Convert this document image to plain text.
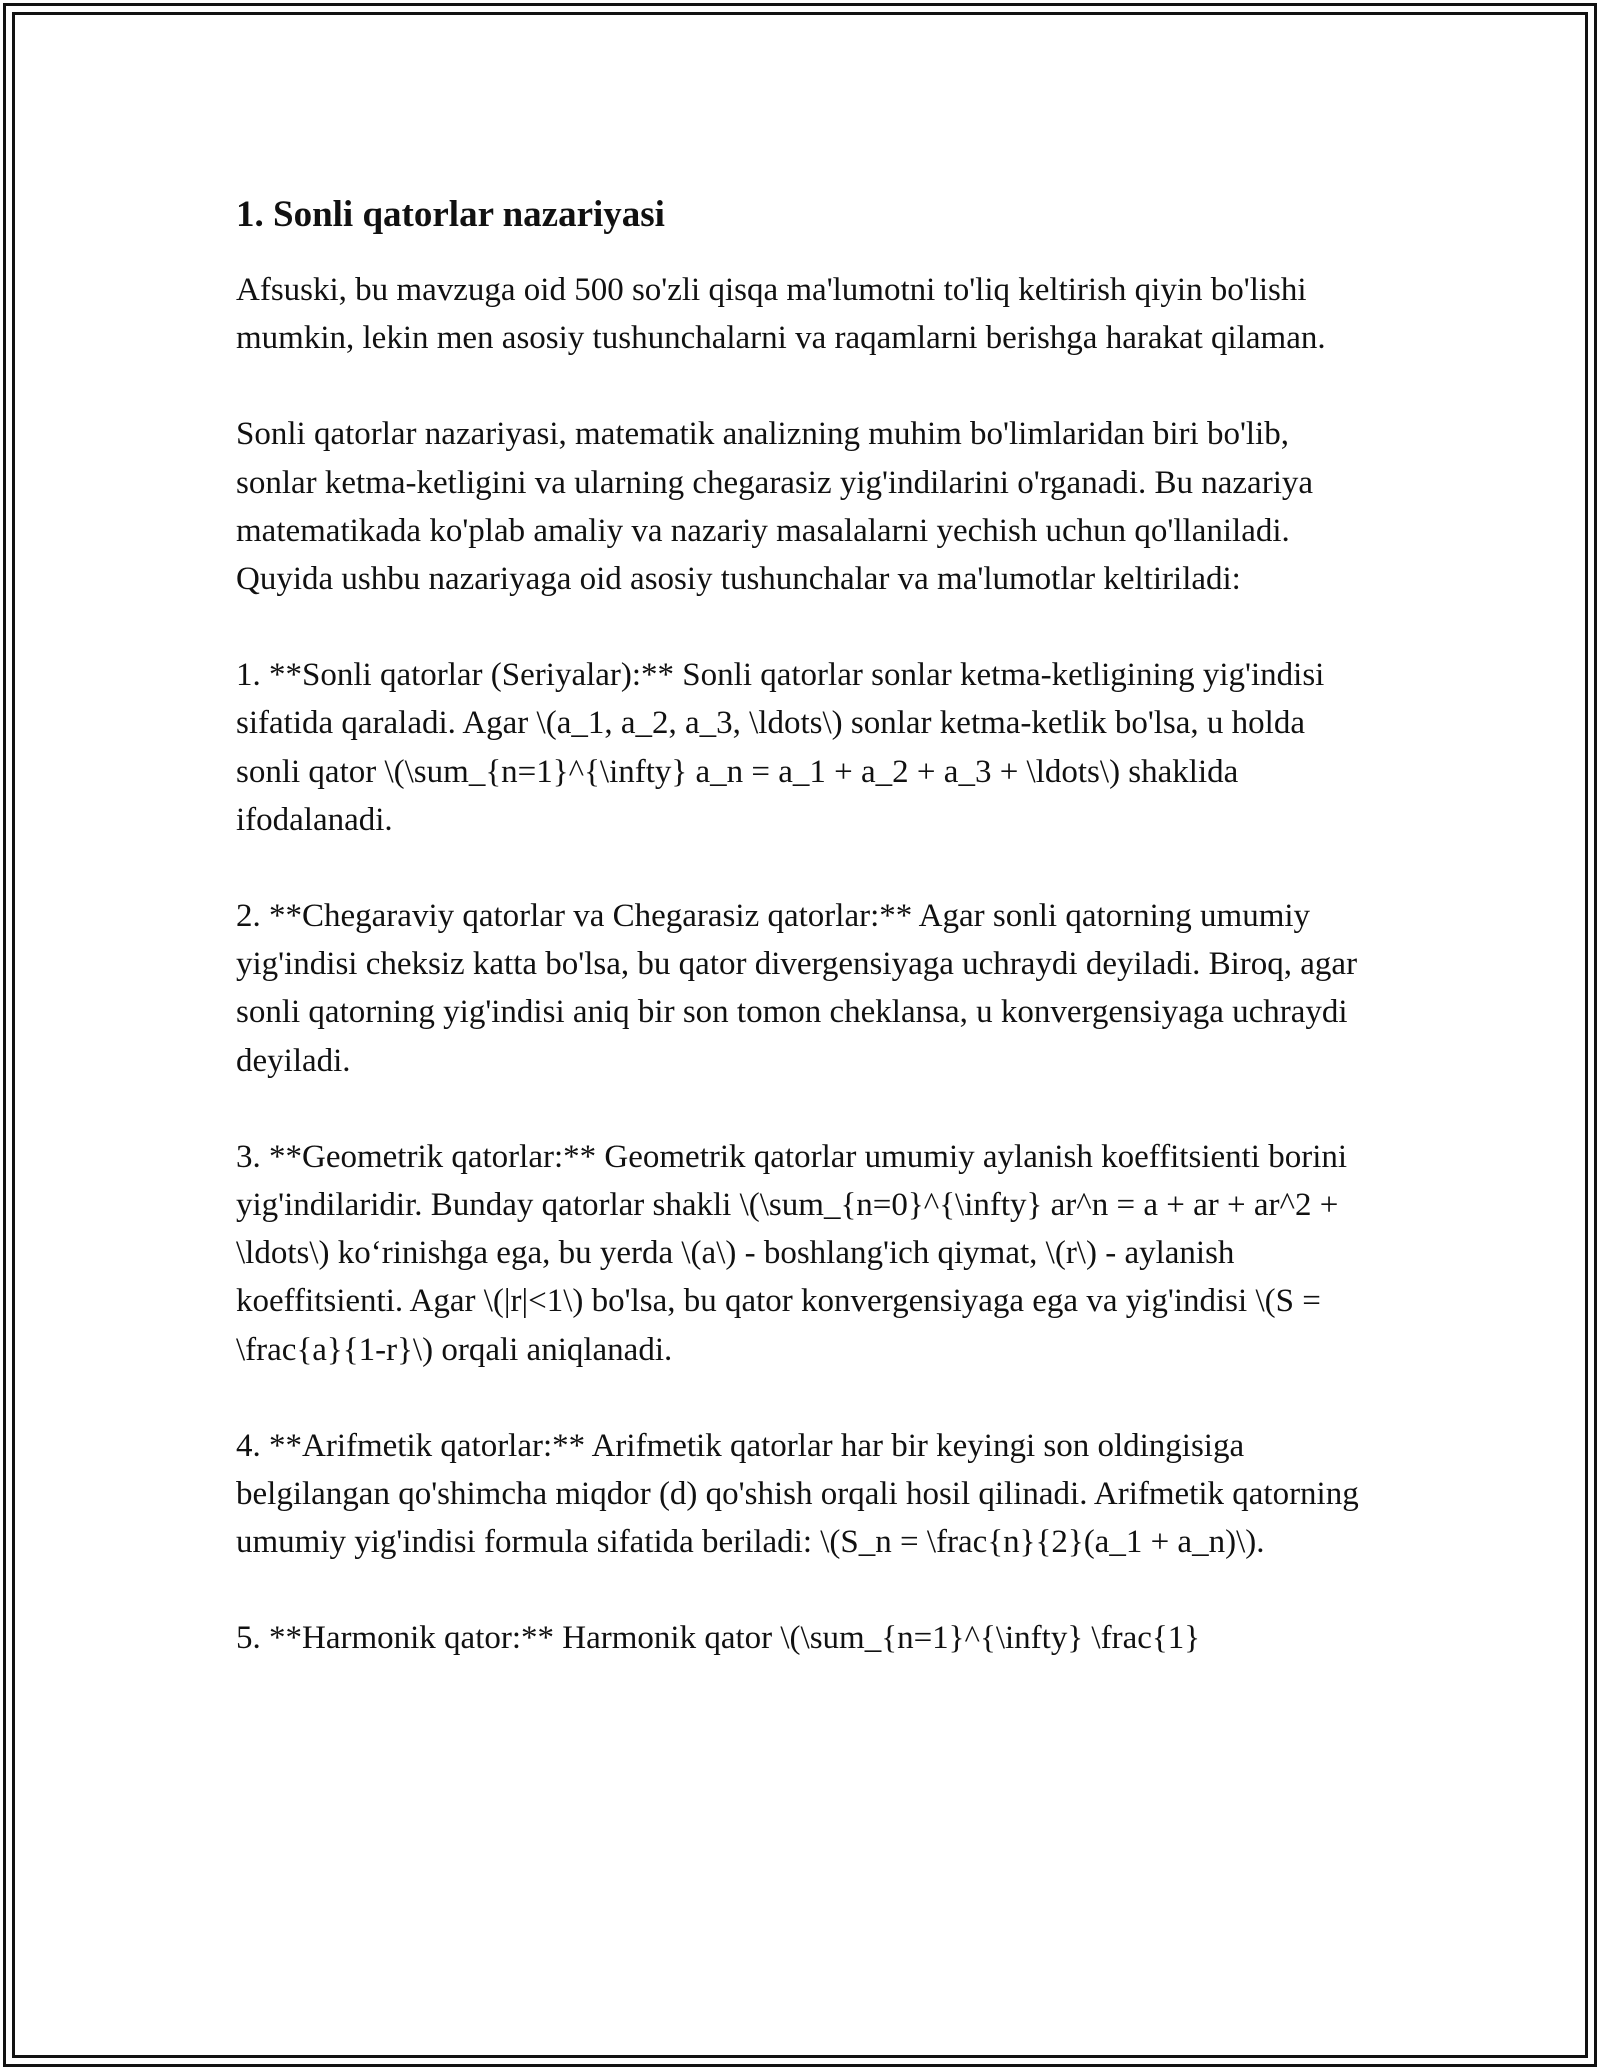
1. Sonli qatorlar nazariyasi

Afsuski, bu mavzuga oid 500 so'zli qisqa ma'lumotni to'liq keltirish qiyin bo'lishi mumkin, lekin men asosiy tushunchalarni va raqamlarni berishga harakat qilaman.

Sonli qatorlar nazariyasi, matematik analizning muhim bo'limlaridan biri bo'lib, sonlar ketma-ketligini va ularning chegarasiz yig'indilarini o'rganadi. Bu nazariya matematikada ko'plab amaliy va nazariy masalalarni yechish uchun qo'llaniladi. Quyida ushbu nazariyaga oid asosiy tushunchalar va ma'lumotlar keltiriladi:

1. **Sonli qatorlar (Seriyalar):** Sonli qatorlar sonlar ketma-ketligining yig'indisi sifatida qaraladi. Agar \(a_1, a_2, a_3, \ldots\) sonlar ketma-ketlik bo'lsa, u holda sonli qator \(\sum_{n=1}^{\infty} a_n = a_1 + a_2 + a_3 + \ldots\) shaklida ifodalanadi.

2. **Chegaraviy qatorlar va Chegarasiz qatorlar:** Agar sonli qatorning umumiy yig'indisi cheksiz katta bo'lsa, bu qator divergensiyaga uchraydi deyiladi. Biroq, agar sonli qatorning yig'indisi aniq bir son tomon cheklansa, u konvergensiyaga uchraydi deyiladi.

3. **Geometrik qatorlar:** Geometrik qatorlar umumiy aylanish koeffitsienti borini yig'indilaridir. Bunday qatorlar shakli \(\sum_{n=0}^{\infty} ar^n = a + ar + ar^2 + \ldots\) ko‘rinishga ega, bu yerda \(a\) - boshlang'ich qiymat, \(r\) - aylanish koeffitsienti. Agar \(|r|<1\) bo'lsa, bu qator konvergensiyaga ega va yig'indisi \(S = \frac{a}{1-r}\) orqali aniqlanadi.

4. **Arifmetik qatorlar:** Arifmetik qatorlar har bir keyingi son oldingisiga belgilangan qo'shimcha miqdor (d) qo'shish orqali hosil qilinadi. Arifmetik qatorning umumiy yig'indisi formula sifatida beriladi: \(S_n = \frac{n}{2}(a_1 + a_n)\).

5. **Harmonik qator:** Harmonik qator \(\sum_{n=1}^{\infty} \frac{1}
